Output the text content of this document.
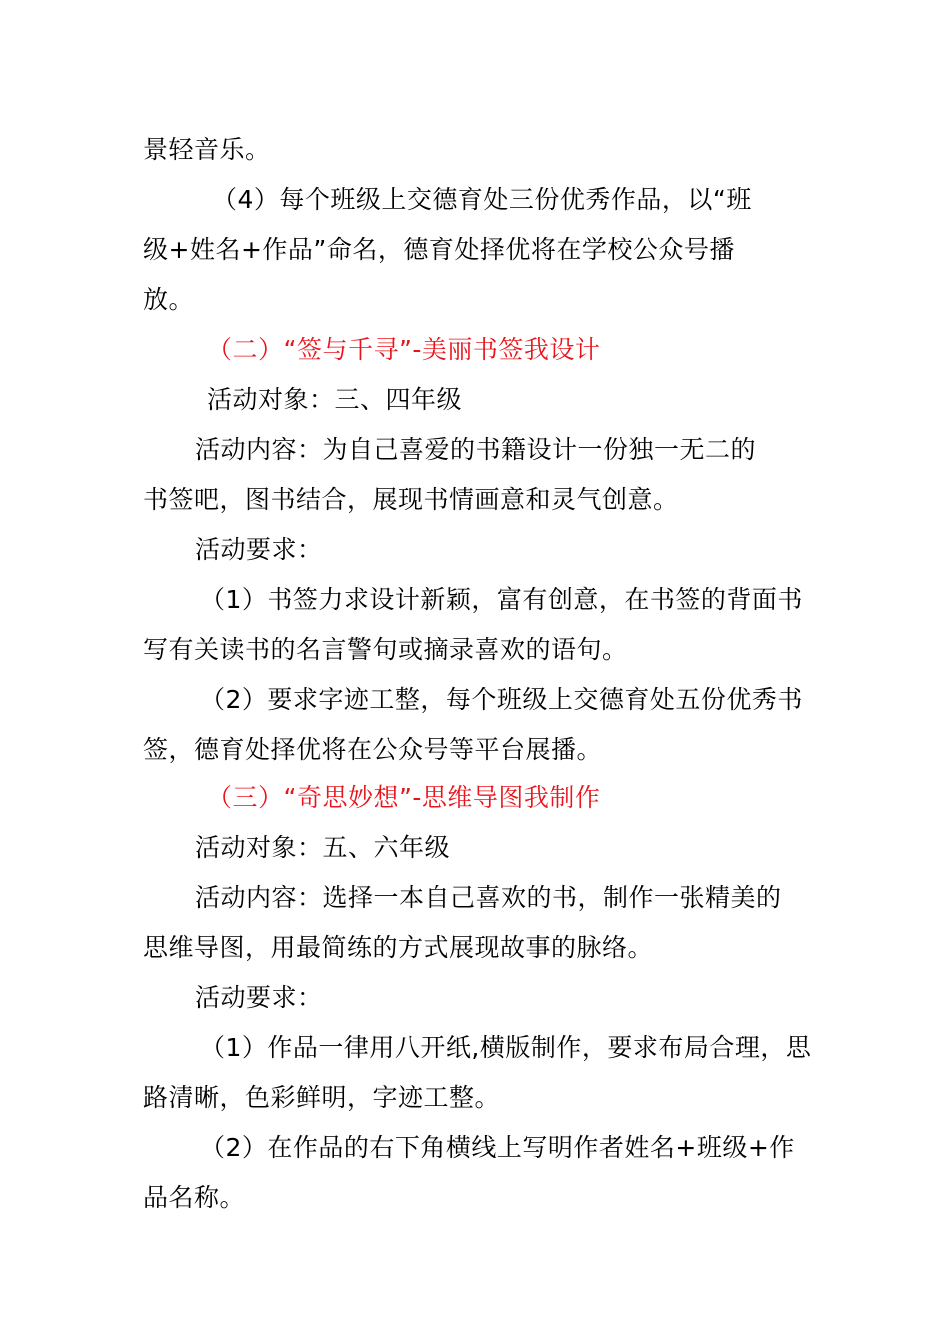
景轻音乐。
（4）每个班级上交德育处三份优秀作品，以“班
级+姓名+作品”命名，德育处择优将在学校公众号播
放。
（二）“签与千寻”-美丽书签我设计
活动对象：三、四年级
活动内容：为自己喜爱的书籍设计一份独一无二的
书签吧，图书结合，展现书情画意和灵气创意。
活动要求：
（1）书签力求设计新颖，富有创意，在书签的背面书
写有关读书的名言警句或摘录喜欢的语句。
（2）要求字迹工整，每个班级上交德育处五份优秀书
签，德育处择优将在公众号等平台展播。
（三）“奇思妙想”-思维导图我制作
活动对象：五、六年级
活动内容：选择一本自己喜欢的书，制作一张精美的
思维导图，用最简练的方式展现故事的脉络。
活动要求：
（1）作品一律用八开纸,横版制作，要求布局合理，思
路清晰，色彩鲜明，字迹工整。
（2）在作品的右下角横线上写明作者姓名+班级+作
品名称。
